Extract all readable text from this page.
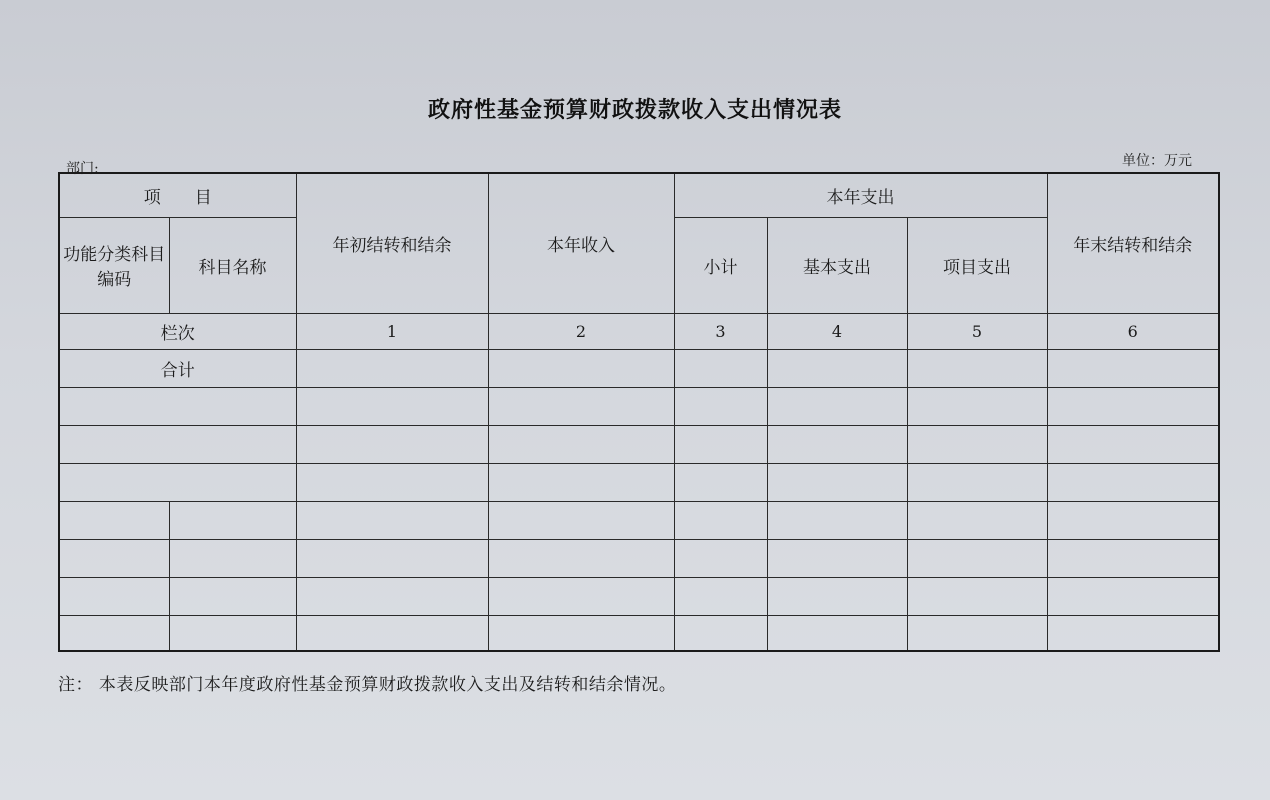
政府性基金预算财政拨款收入支出情况表
部门:	单位：万元
项　　目		年初结转和结余	本年收入	本年支出			年末结转和结余
功能分类科目编码	科目名称			小计	基本支出	项目支出	

栏次		1	2	3	4	5	6
合计							

注： 本表反映部门本年度政府性基金预算财政拨款收入支出及结转和结余情况。
